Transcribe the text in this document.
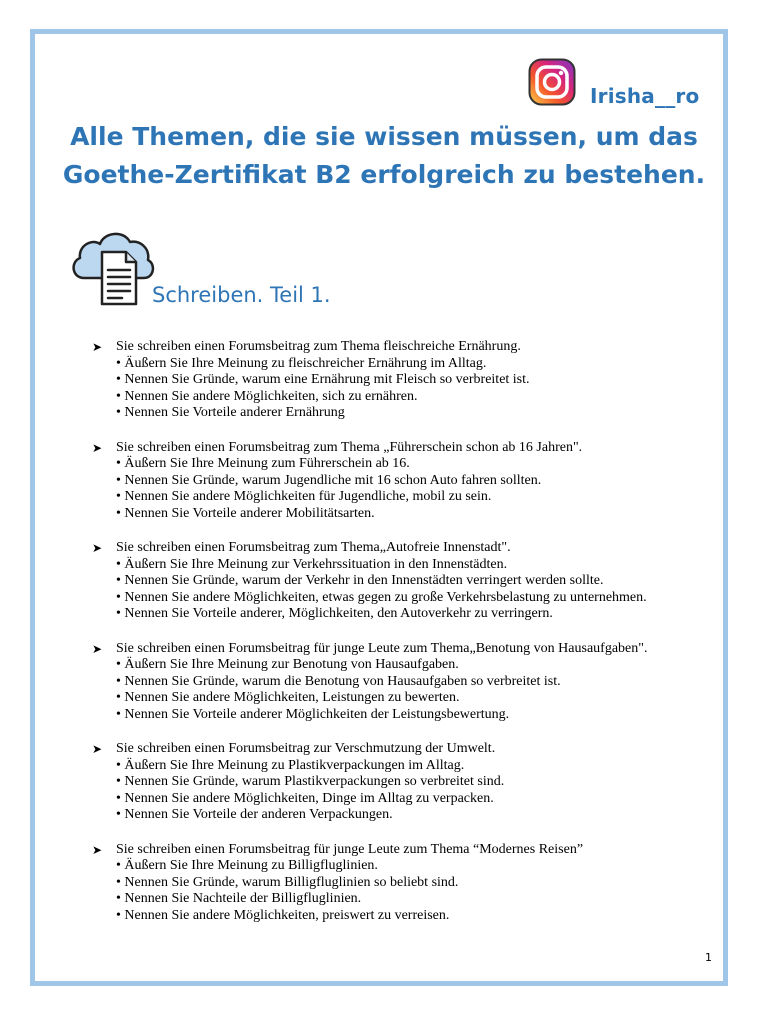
Irisha__ro
Alle Themen, die sie wissen müssen, um das Goethe-Zertifikat B2 erfolgreich zu bestehen.
Schreiben. Teil 1.
➤ Sie schreiben einen Forumsbeitrag zum Thema fleischreiche Ernährung.
• Äußern Sie Ihre Meinung zu fleischreicher Ernährung im Alltag.
• Nennen Sie Gründe, warum eine Ernährung mit Fleisch so verbreitet ist.
• Nennen Sie andere Möglichkeiten, sich zu ernähren.
• Nennen Sie Vorteile anderer Ernährung
➤ Sie schreiben einen Forumsbeitrag zum Thema „Führerschein schon ab 16 Jahren".
• Äußern Sie Ihre Meinung zum Führerschein ab 16.
• Nennen Sie Gründe, warum Jugendliche mit 16 schon Auto fahren sollten.
• Nennen Sie andere Möglichkeiten für Jugendliche, mobil zu sein.
• Nennen Sie Vorteile anderer Mobilitätsarten.
➤ Sie schreiben einen Forumsbeitrag zum Thema„Autofreie Innenstadt".
• Äußern Sie Ihre Meinung zur Verkehrssituation in den Innenstädten.
• Nennen Sie Gründe, warum der Verkehr in den Innenstädten verringert werden sollte.
• Nennen Sie andere Möglichkeiten, etwas gegen zu große Verkehrsbelastung zu unternehmen.
• Nennen Sie Vorteile anderer, Möglichkeiten, den Autoverkehr zu verringern.
➤ Sie schreiben einen Forumsbeitrag für junge Leute zum Thema„Benotung von Hausaufgaben".
• Äußern Sie Ihre Meinung zur Benotung von Hausaufgaben.
• Nennen Sie Gründe, warum die Benotung von Hausaufgaben so verbreitet ist.
• Nennen Sie andere Möglichkeiten, Leistungen zu bewerten.
• Nennen Sie Vorteile anderer Möglichkeiten der Leistungsbewertung.
➤ Sie schreiben einen Forumsbeitrag zur Verschmutzung der Umwelt.
• Äußern Sie Ihre Meinung zu Plastikverpackungen im Alltag.
• Nennen Sie Gründe, warum Plastikverpackungen so verbreitet sind.
• Nennen Sie andere Möglichkeiten, Dinge im Alltag zu verpacken.
• Nennen Sie Vorteile der anderen Verpackungen.
➤ Sie schreiben einen Forumsbeitrag für junge Leute zum Thema “Modernes Reisen”
• Äußern Sie Ihre Meinung zu Billigfluglinien.
• Nennen Sie Gründe, warum Billigfluglinien so beliebt sind.
• Nennen Sie Nachteile der Billigfluglinien.
• Nennen Sie andere Möglichkeiten, preiswert zu verreisen.
1
